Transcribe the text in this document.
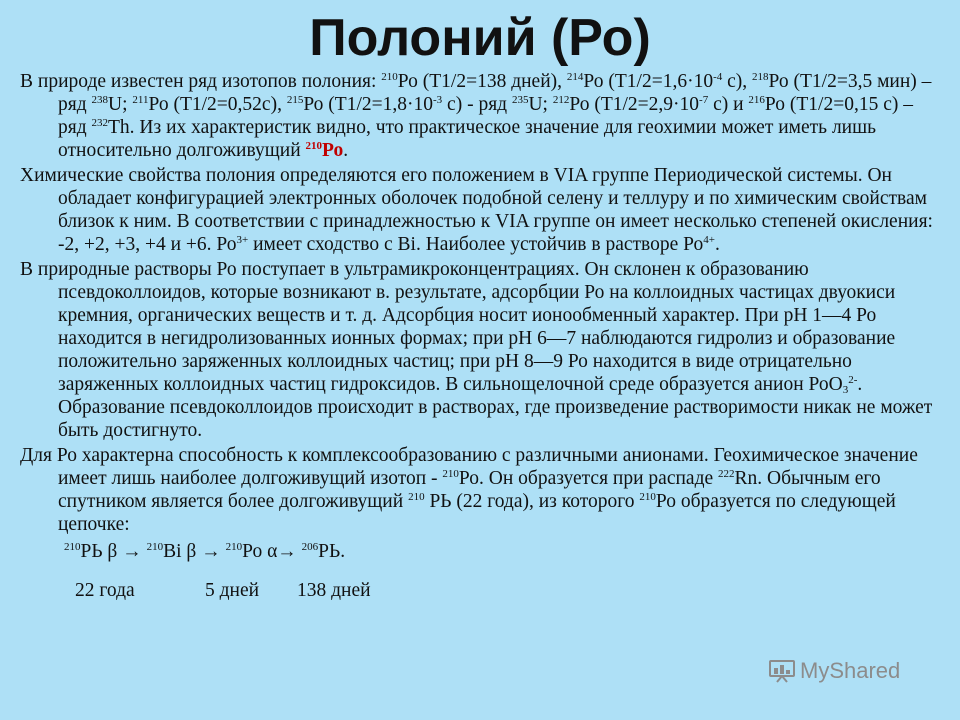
Полоний (Ро)

В природе известен ряд изотопов полония: $^{210}$Ро (Т1/2=138 дней), $^{214}$Ро ($Т1/2=1,6\cdot 10^{-4}$ с), $^{218}$Ро (Т1/2=3,5 мин) – ряд $^{238}$U; $^{211}$Ро (Т1/2=0,52с), $^{215}$Ро ($Т1/2=1,8\cdot 10^{-3}$ с) - ряд $^{235}$U; $^{212}$Ро ($Т1/2=2,9\cdot 10^{-7}$ с) и $^{216}$Ро (Т1/2=0,15 с) – ряд $^{232}$Th. Из их характеристик видно, что практическое значение для геохимии может иметь лишь относительно долгоживущий $^{210}$Ро.

Химические свойства полония определяются его положением в VIA группе Периодической системы. Он обладает конфигурацией электронных оболочек подобной селену и теллуру и по химическим свойствам близок к ним. В соответствии с принадлежностью к VIA группе он имеет несколько степеней окисления: -2, +2, +3, +4 и +6. $Ро^{3+}$ имеет сходство с Bi. Наиболее устойчив в растворе $Ро^{4+}$.

В природные растворы Ро поступает в ультрамикроконцентрациях. Он склонен к образованию псевдоколлоидов, которые возникают в. результате, адсорбции Ро на коллоидных частицах двуокиси кремния, органических веществ и т. д. Адсорбция носит ионообменный характер. При рН 1—4 Ро находится в негидролизованных ионных формах; при рН 6—7 наблюдаются гидролиз и образование положительно заряженных коллоидных частиц; при рН 8—9 Ро находится в виде отрицательно заряженных коллоидных частиц гидроксидов. В сильнощелочной среде образуется анион РоО$_3^{2-}$. Образование псевдоколлоидов происходит в растворах, где произведение растворимости никак не может быть достигнуто.

Для Ро характерна способность к комплексообразованию с различными анионами. Геохимическое значение имеет лишь наиболее долгоживущий изотоп - $^{210}$Ро. Он образуется при распаде $^{222}$Rn. Обычным его спутником является более долгоживущий $^{210}$ РЬ (22 года), из которого $^{210}$Ро образуется по следующей цепочке:

$^{210}$РЬ β → $^{210}$Bi β → $^{210}$Ро α→ $^{206}$РЬ.
22 года	5 дней 138 дней
MyShared
